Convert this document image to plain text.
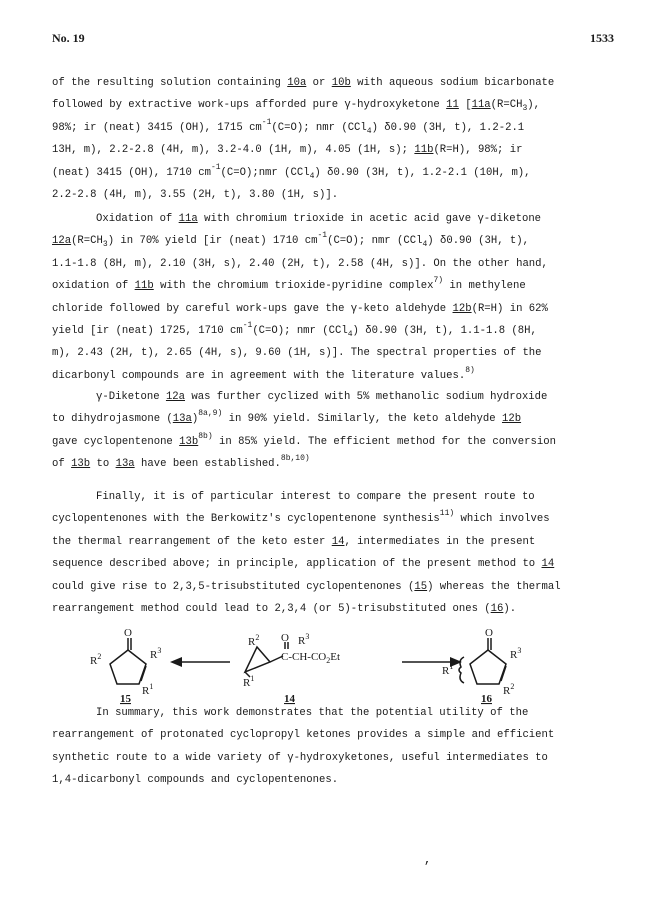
No. 19	1533
of the resulting solution containing 10a or 10b with aqueous sodium bicarbonate
followed by extractive work-ups afforded pure γ-hydroxyketone 11 [$11a(R=CH_3)$,
98%; ir (neat) 3415 (OH), 1715 $cm^{-1}(C=O)$; nmr (CCl$_4$) δ0.90 (3H, t), 1.2-2.1
13H, m), 2.2-2.8 (4H, m), 3.2-4.0 (1H, m), 4.05 (1H, s); 11b(R=H), 98%; ir
(neat) 3415 (OH), 1710 $cm^{-1}(C=O);nmr$ (CCl$_4$) δ0.90 (3H, t), 1.2-2.1 (10H, m),
2.2-2.8 (4H, m), 3.55 (2H, t), 3.80 (1H, s)].
Oxidation of 11a with chromium trioxide in acetic acid gave γ-diketone
$12a(R=CH_3)$ in 70% yield [ir (neat) 1710 $cm^{-1}(C=O)$; nmr (CCl$_4$) δ0.90 (3H, t),
1.1-1.8 (8H, m), 2.10 (3H, s), 2.40 (2H, t), 2.58 (4H, s)]. On the other hand,
oxidation of 11b with the chromium trioxide-pyridine complex$^{7)}$ in methylene
chloride followed by careful work-ups gave the γ-keto aldehyde 12b(R=H) in 62%
yield [ir (neat) 1725, 1710 $cm^{-1}(C=O)$; nmr (CCl$_4$) δ0.90 (3H, t), 1.1-1.8 (8H,
m), 2.43 (2H, t), 2.65 (4H, s), 9.60 (1H, s)]. The spectral properties of the
dicarbonyl compounds are in agreement with the literature values.$^{8)}$
γ-Diketone 12a was further cyclized with 5% methanolic sodium hydroxide
to dihydrojasmone $(13a)^{8a,9)}$ in 90% yield. Similarly, the keto aldehyde 12b
gave cyclopentenone $13b^{8b)}$ in 85% yield. The efficient method for the conversion
of 13b to 13a have been established.$^{8b,10)}$
Finally, it is of particular interest to compare the present route to
cyclopentenones with the Berkowitz's cyclopentenone synthesis$^{11)}$ which involves
the thermal rearrangement of the keto ester 14, intermediates in the present
sequence described above; in principle, application of the present method to 14
could give rise to 2,3,5-trisubstituted cyclopentenones (15) whereas the thermal
rearrangement method could lead to 2,3,4 (or 5)-trisubstituted ones (16).
O
$R^2$	$R^3$
$R^1$
15
$R^2$ O $R^3$
$C-CH-CO_2Et$
$R^1$
14
O
$R^1$
$R^3$
$R^2$
16
In summary, this work demonstrates that the potential utility of the
rearrangement of protonated cyclopropyl ketones provides a simple and efficient
synthetic route to a wide variety of γ-hydroxyketones, useful intermediates to
1,4-dicarbonyl compounds and cyclopentenones.
,
